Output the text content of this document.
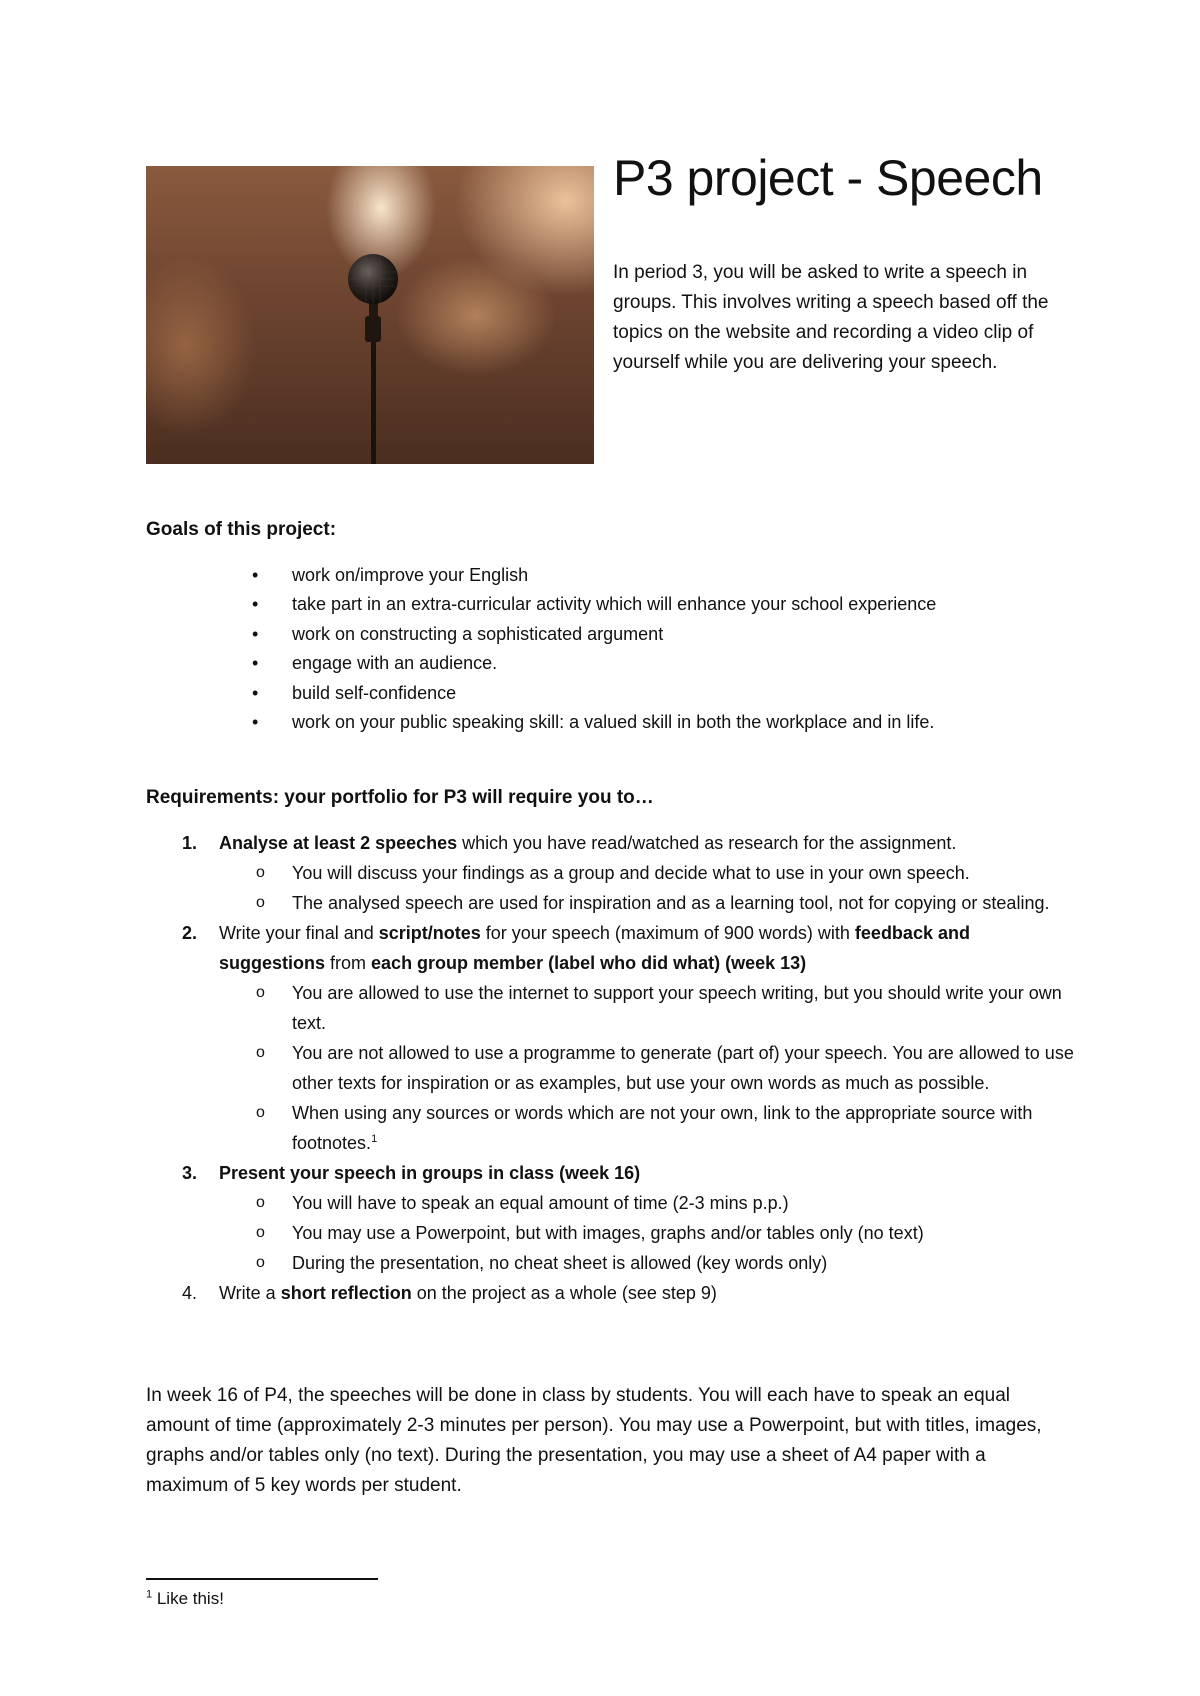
P3 project - Speech

In period 3, you will be asked to write a speech in groups. This involves writing a speech based off the topics on the website and recording a video clip of yourself while you are delivering your speech.

Goals of this project:
• work on/improve your English
• take part in an extra-curricular activity which will enhance your school experience
• work on constructing a sophisticated argument
• engage with an audience.
• build self-confidence
• work on your public speaking skill: a valued skill in both the workplace and in life.
Requirements: your portfolio for P3 will require you to…
1. Analyse at least 2 speeches which you have read/watched as research for the assignment.
o You will discuss your findings as a group and decide what to use in your own speech.
o The analysed speech are used for inspiration and as a learning tool, not for copying or stealing.
2. Write your final and script/notes for your speech (maximum of 900 words) with feedback and suggestions from each group member (label who did what) (week 13)
o You are allowed to use the internet to support your speech writing, but you should write your own text.
o You are not allowed to use a programme to generate (part of) your speech. You are allowed to use other texts for inspiration or as examples, but use your own words as much as possible.
o When using any sources or words which are not your own, link to the appropriate source with footnotes.$^1$
3. Present your speech in groups in class (week 16)
o You will have to speak an equal amount of time (2-3 mins p.p.)
o You may use a Powerpoint, but with images, graphs and/or tables only (no text)
o During the presentation, no cheat sheet is allowed (key words only)
4. Write a short reflection on the project as a whole (see step 9)

In week 16 of P4, the speeches will be done in class by students. You will each have to speak an equal amount of time (approximately 2-3 minutes per person). You may use a Powerpoint, but with titles, images, graphs and/or tables only (no text). During the presentation, you may use a sheet of A4 paper with a maximum of 5 key words per student.

$^1$ Like this!
